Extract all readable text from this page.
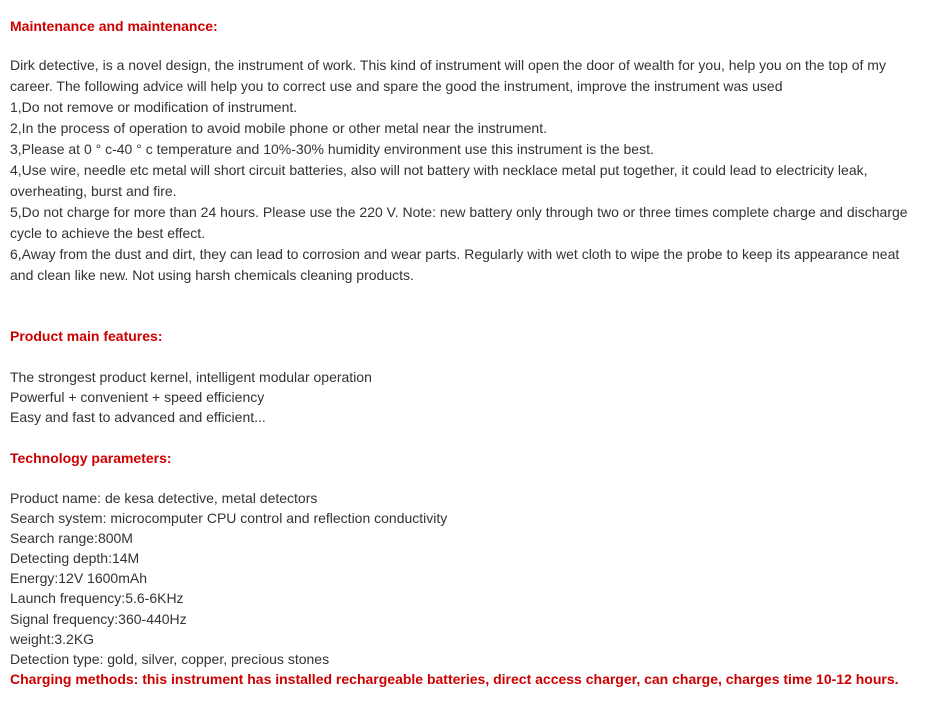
Maintenance and maintenance:
Dirk detective, is a novel design, the instrument of work. This kind of instrument will open the door of wealth for you, help you on the top of my
career. The following advice will help you to correct use and spare the good the instrument, improve the instrument was used
1,Do not remove or modification of instrument.
2,In the process of operation to avoid mobile phone or other metal near the instrument.
3,Please at 0 ° c-40 ° c temperature and 10%-30% humidity environment use this instrument is the best.
4,Use wire, needle etc metal will short circuit batteries, also will not battery with necklace metal put together, it could lead to electricity leak,
overheating, burst and fire.
5,Do not charge for more than 24 hours. Please use the 220 V. Note: new battery only through two or three times complete charge and discharge
cycle to achieve the best effect.
6,Away from the dust and dirt, they can lead to corrosion and wear parts. Regularly with wet cloth to wipe the probe to keep its appearance neat
and clean like new. Not using harsh chemicals cleaning products.
Product main features:
The strongest product kernel, intelligent modular operation
Powerful + convenient + speed efficiency
Easy and fast to advanced and efficient...
Technology parameters:
Product name: de kesa detective, metal detectors
Search system: microcomputer CPU control and reflection conductivity
Search range:800M
Detecting depth:14M
Energy:12V 1600mAh
Launch frequency:5.6-6KHz
Signal frequency:360-440Hz
weight:3.2KG
Detection type: gold, silver, copper, precious stones

Charging methods: this instrument has installed rechargeable batteries, direct access charger, can charge, charges time 10-12 hours.
